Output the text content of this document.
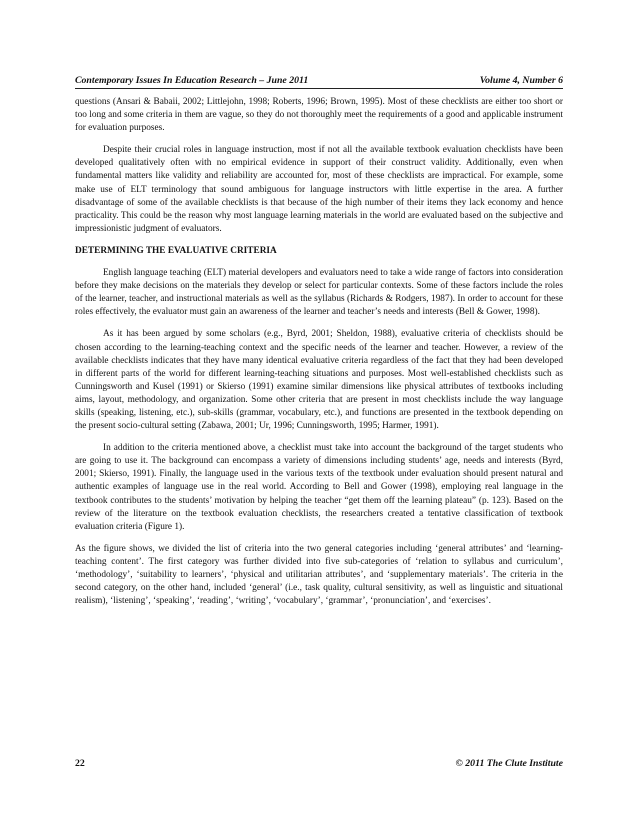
Contemporary Issues In Education Research – June 2011	Volume 4, Number 6

questions (Ansari & Babaii, 2002; Littlejohn, 1998; Roberts, 1996; Brown, 1995). Most of these checklists are either too short or too long and some criteria in them are vague, so they do not thoroughly meet the requirements of a good and applicable instrument for evaluation purposes.

Despite their crucial roles in language instruction, most if not all the available textbook evaluation checklists have been developed qualitatively often with no empirical evidence in support of their construct validity. Additionally, even when fundamental matters like validity and reliability are accounted for, most of these checklists are impractical. For example, some make use of ELT terminology that sound ambiguous for language instructors with little expertise in the area. A further disadvantage of some of the available checklists is that because of the high number of their items they lack economy and hence practicality. This could be the reason why most language learning materials in the world are evaluated based on the subjective and impressionistic judgment of evaluators.

DETERMINING THE EVALUATIVE CRITERIA

English language teaching (ELT) material developers and evaluators need to take a wide range of factors into consideration before they make decisions on the materials they develop or select for particular contexts. Some of these factors include the roles of the learner, teacher, and instructional materials as well as the syllabus (Richards & Rodgers, 1987). In order to account for these roles effectively, the evaluator must gain an awareness of the learner and teacher’s needs and interests (Bell & Gower, 1998).

As it has been argued by some scholars (e.g., Byrd, 2001; Sheldon, 1988), evaluative criteria of checklists should be chosen according to the learning-teaching context and the specific needs of the learner and teacher. However, a review of the available checklists indicates that they have many identical evaluative criteria regardless of the fact that they had been developed in different parts of the world for different learning-teaching situations and purposes. Most well-established checklists such as Cunningsworth and Kusel (1991) or Skierso (1991) examine similar dimensions like physical attributes of textbooks including aims, layout, methodology, and organization. Some other criteria that are present in most checklists include the way language skills (speaking, listening, etc.), sub-skills (grammar, vocabulary, etc.), and functions are presented in the textbook depending on the present socio-cultural setting (Zabawa, 2001; Ur, 1996; Cunningsworth, 1995; Harmer, 1991).

In addition to the criteria mentioned above, a checklist must take into account the background of the target students who are going to use it. The background can encompass a variety of dimensions including students’ age, needs and interests (Byrd, 2001; Skierso, 1991). Finally, the language used in the various texts of the textbook under evaluation should present natural and authentic examples of language use in the real world. According to Bell and Gower (1998), employing real language in the textbook contributes to the students’ motivation by helping the teacher “get them off the learning plateau” (p. 123). Based on the review of the literature on the textbook evaluation checklists, the researchers created a tentative classification of textbook evaluation criteria (Figure 1).

As the figure shows, we divided the list of criteria into the two general categories including ‘general attributes’ and ‘learning-teaching content’. The first category was further divided into five sub-categories of ‘relation to syllabus and curriculum’, ‘methodology’, ‘suitability to learners’, ‘physical and utilitarian attributes’, and ‘supplementary materials’. The criteria in the second category, on the other hand, included ‘general’ (i.e., task quality, cultural sensitivity, as well as linguistic and situational realism), ‘listening’, ‘speaking’, ‘reading’, ‘writing’, ‘vocabulary’, ‘grammar’, ‘pronunciation’, and ‘exercises’.

22	© 2011 The Clute Institute
